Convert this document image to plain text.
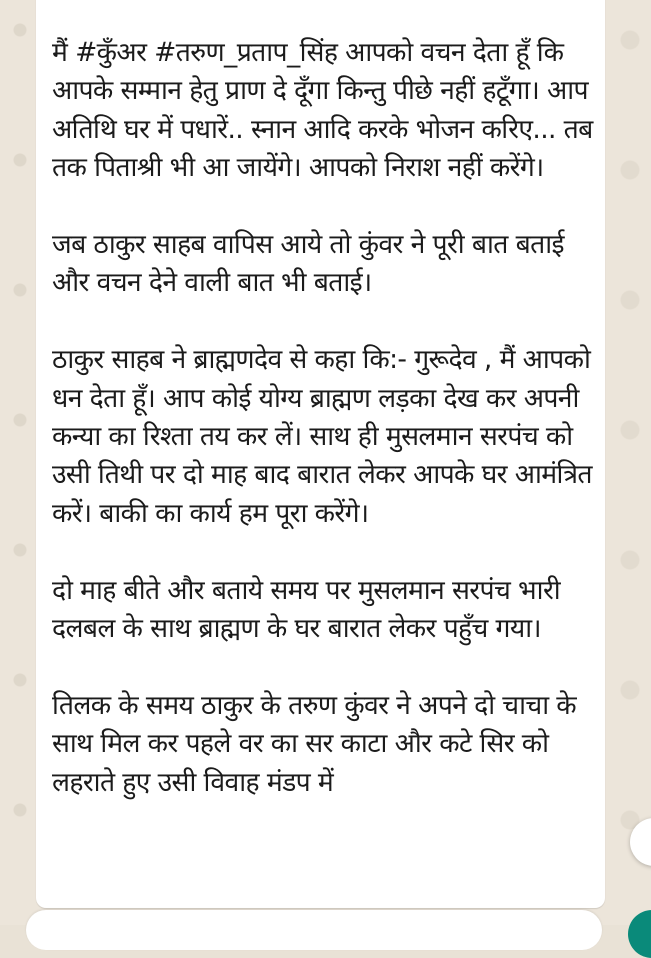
मैं #कुँअर #तरुण_प्रताप_सिंह आपको वचन देता हूँ कि आपके सम्मान हेतु प्राण दे दूँगा किन्तु पीछे नहीं हटूँगा। आप अतिथि घर में पधारें.. स्नान आदि करके भोजन करिए... तब तक पिताश्री भी आ जायेंगे। आपको निराश नहीं करेंगे।

जब ठाकुर साहब वापिस आये तो कुंवर ने पूरी बात बताई और वचन देने वाली बात भी बताई।

ठाकुर साहब ने ब्राह्मणदेव से कहा कि:- गुरूदेव , मैं आपको धन देता हूँ। आप कोई योग्य ब्राह्मण लड़का देख कर अपनी कन्या का रिश्ता तय कर लें। साथ ही मुसलमान सरपंच को उसी तिथी पर दो माह बाद बारात लेकर आपके घर आमंत्रित करें। बाकी का कार्य हम पूरा करेंगे।

दो माह बीते और बताये समय पर मुसलमान सरपंच भारी दलबल के साथ ब्राह्मण के घर बारात लेकर पहुँच गया।

तिलक के समय ठाकुर के तरुण कुंवर ने अपने दो चाचा के साथ मिल कर पहले वर का सर काटा और कटे सिर को लहराते हुए उसी विवाह मंडप में
